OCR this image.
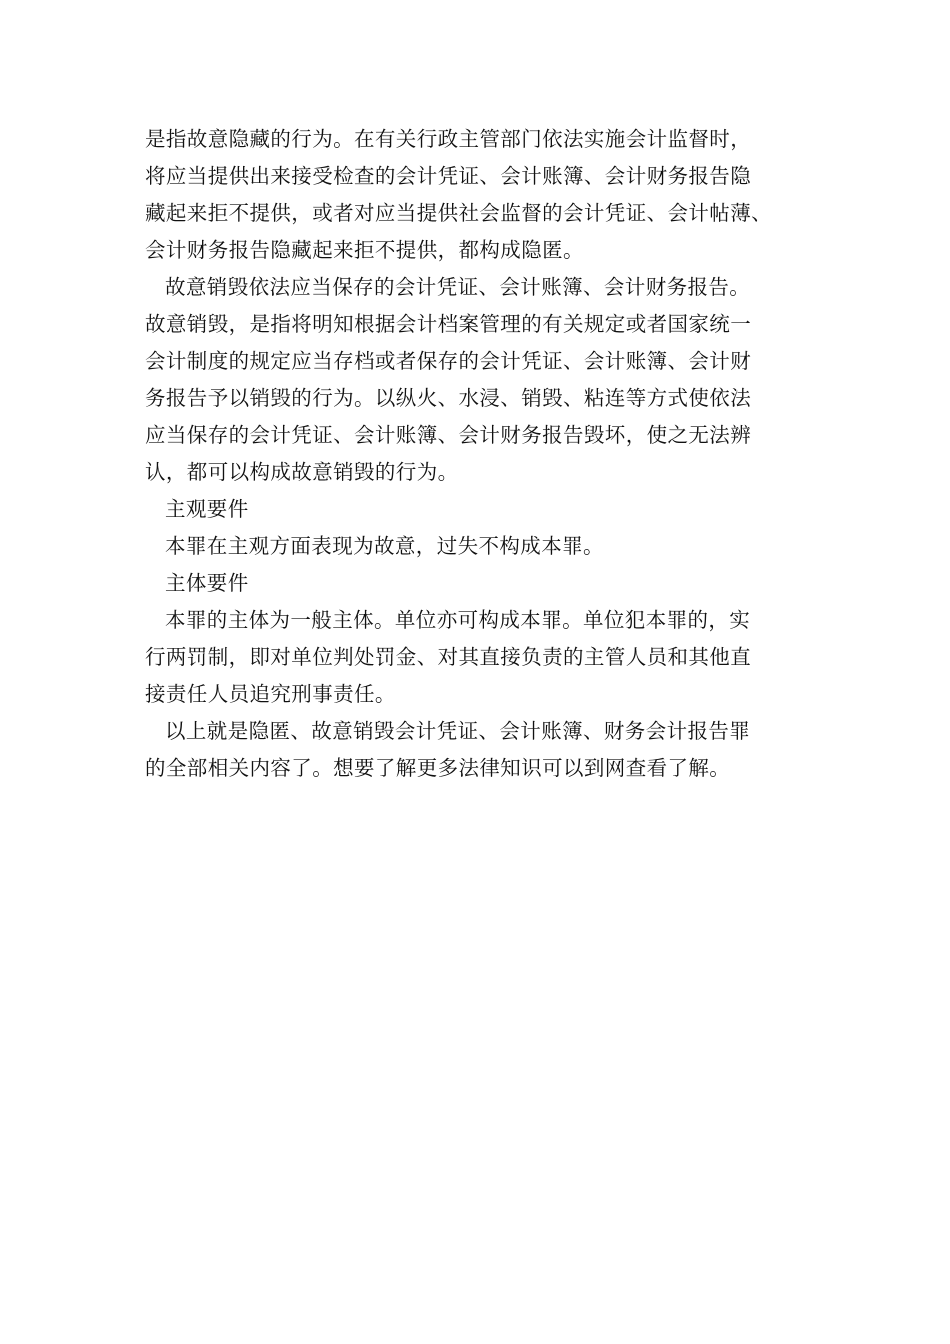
是指故意隐藏的行为。在有关行政主管部门依法实施会计监督时，
将应当提供出来接受检查的会计凭证、会计账簿、会计财务报告隐
藏起来拒不提供，或者对应当提供社会监督的会计凭证、会计帖薄、
会计财务报告隐藏起来拒不提供，都构成隐匿。
故意销毁依法应当保存的会计凭证、会计账簿、会计财务报告。
故意销毁，是指将明知根据会计档案管理的有关规定或者国家统一
会计制度的规定应当存档或者保存的会计凭证、会计账簿、会计财
务报告予以销毁的行为。以纵火、水浸、销毁、粘连等方式使依法
应当保存的会计凭证、会计账簿、会计财务报告毁坏，使之无法辨
认，都可以构成故意销毁的行为。
主观要件
本罪在主观方面表现为故意，过失不构成本罪。
主体要件
本罪的主体为一般主体。单位亦可构成本罪。单位犯本罪的，实
行两罚制，即对单位判处罚金、对其直接负责的主管人员和其他直
接责任人员追究刑事责任。
以上就是隐匿、故意销毁会计凭证、会计账簿、财务会计报告罪
的全部相关内容了。想要了解更多法律知识可以到网查看了解。
